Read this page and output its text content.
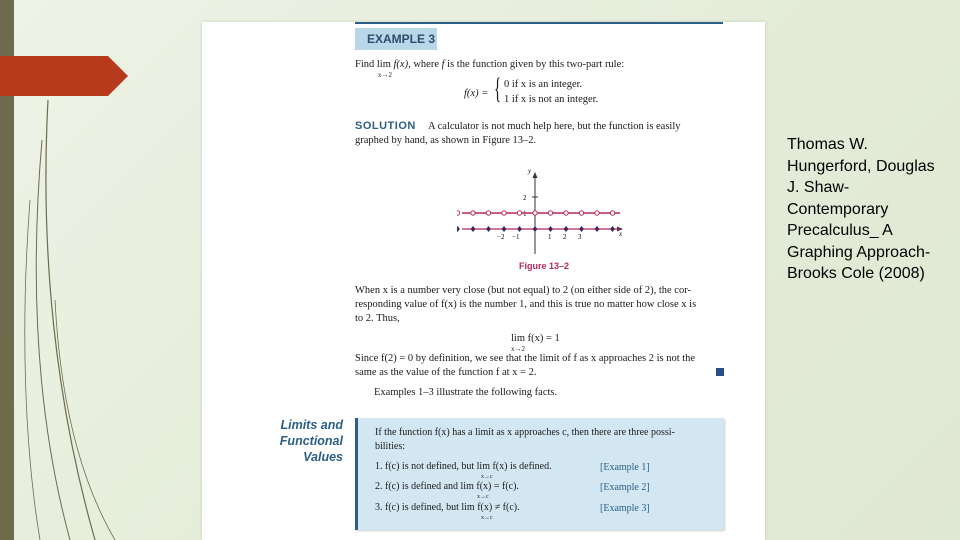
EXAMPLE 3
Find lim f(x), where f is the function given by this two-part rule:
x→2
f(x) = { 0 if x is an integer.
1 if x is not an integer.
SOLUTION A calculator is not much help here, but the function is easily
graphed by hand, as shown in Figure 13–2.
y
x
2
1
−2 −1	1 2 3
Figure 13–2
When x is a number very close (but not equal) to 2 (on either side of 2), the cor-
responding value of f(x) is the number 1, and this is true no matter how close x is
to 2. Thus,
lim f(x) = 1
x→2
Since f(2) = 0 by definition, we see that the limit of f as x approaches 2 is not the
same as the value of the function f at x = 2.
Examples 1–3 illustrate the following facts.
Limits and
Functional Values
If the function f(x) has a limit as x approaches c, then there are three possi-
bilities:
1. f(c) is not defined, but lim f(x) is defined.
x→c
[Example 1]
2. f(c) is defined and lim f(x) = f(c).
x→c
[Example 2]
3. f(c) is defined, but lim f(x) ≠ f(c).
x→c
[Example 3]
Thomas W. Hungerford, Douglas J. Shaw- Contemporary Precalculus_ A Graphing Approach-Brooks Cole (2008)
